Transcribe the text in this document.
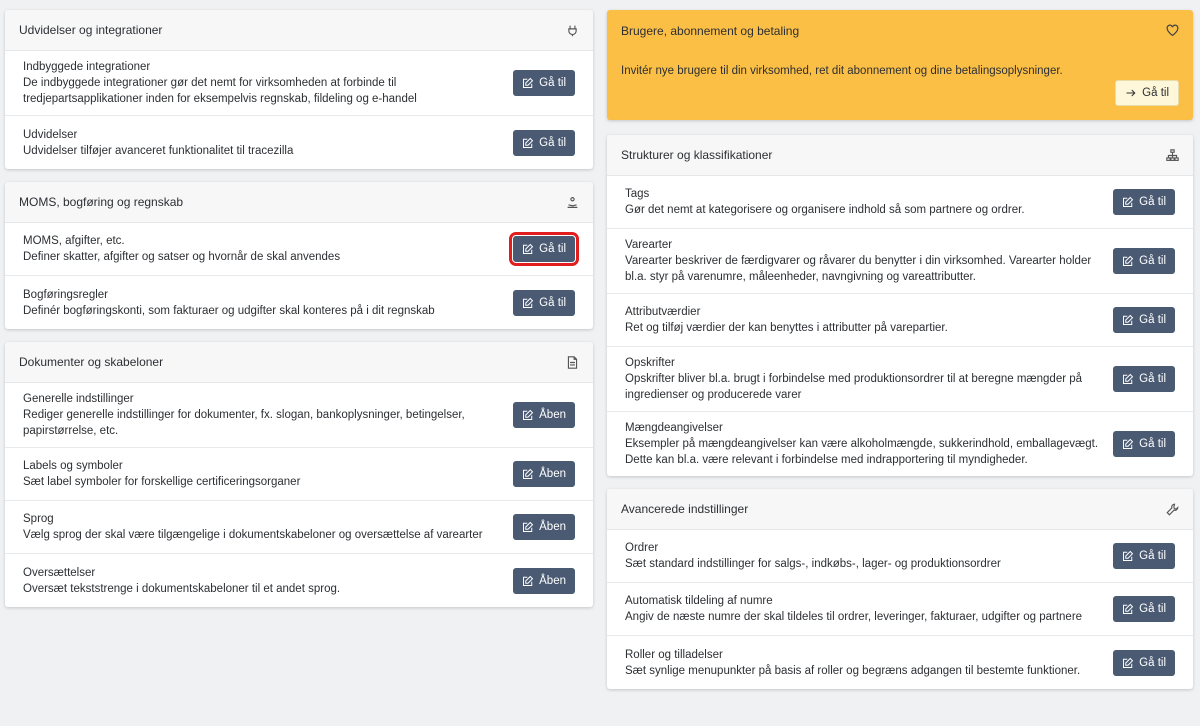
Udvidelser og integrationer
Indbyggede integrationer
De indbyggede integrationer gør det nemt for virksomheden at forbinde til tredjepartsapplikationer inden for eksempelvis regnskab, fildeling og e-handel
Gå til
Udvidelser
Udvidelser tilføjer avanceret funktionalitet til tracezilla
Gå til
MOMS, bogføring og regnskab
MOMS, afgifter, etc.
Definer skatter, afgifter og satser og hvornår de skal anvendes
Gå til
Bogføringsregler
Definér bogføringskonti, som fakturaer og udgifter skal konteres på i dit regnskab
Gå til
Dokumenter og skabeloner
Generelle indstillinger
Rediger generelle indstillinger for dokumenter, fx. slogan, bankoplysninger, betingelser, papirstørrelse, etc.
Åben
Labels og symboler
Sæt label symboler for forskellige certificeringsorganer
Åben
Sprog
Vælg sprog der skal være tilgængelige i dokumentskabeloner og oversættelse af varearter
Åben
Oversættelser
Oversæt tekststrenge i dokumentskabeloner til et andet sprog.
Åben
Brugere, abonnement og betaling
Invitér nye brugere til din virksomhed, ret dit abonnement og dine betalingsoplysninger.
Gå til
Strukturer og klassifikationer
Tags
Gør det nemt at kategorisere og organisere indhold så som partnere og ordrer.
Gå til
Varearter
Varearter beskriver de færdigvarer og råvarer du benytter i din virksomhed. Varearter holder bl.a. styr på varenumre, måleenheder, navngivning og vareattributter.
Gå til
Attributværdier
Ret og tilføj værdier der kan benyttes i attributter på varepartier.
Gå til
Opskrifter
Opskrifter bliver bl.a. brugt i forbindelse med produktionsordrer til at beregne mængder på ingredienser og producerede varer
Gå til
Mængdeangivelser
Eksempler på mængdeangivelser kan være alkoholmængde, sukkerindhold, emballagevægt. Dette kan bl.a. være relevant i forbindelse med indrapportering til myndigheder.
Gå til
Avancerede indstillinger
Ordrer
Sæt standard indstillinger for salgs-, indkøbs-, lager- og produktionsordrer
Gå til
Automatisk tildeling af numre
Angiv de næste numre der skal tildeles til ordrer, leveringer, fakturaer, udgifter og partnere
Gå til
Roller og tilladelser
Sæt synlige menupunkter på basis af roller og begræns adgangen til bestemte funktioner.
Gå til
